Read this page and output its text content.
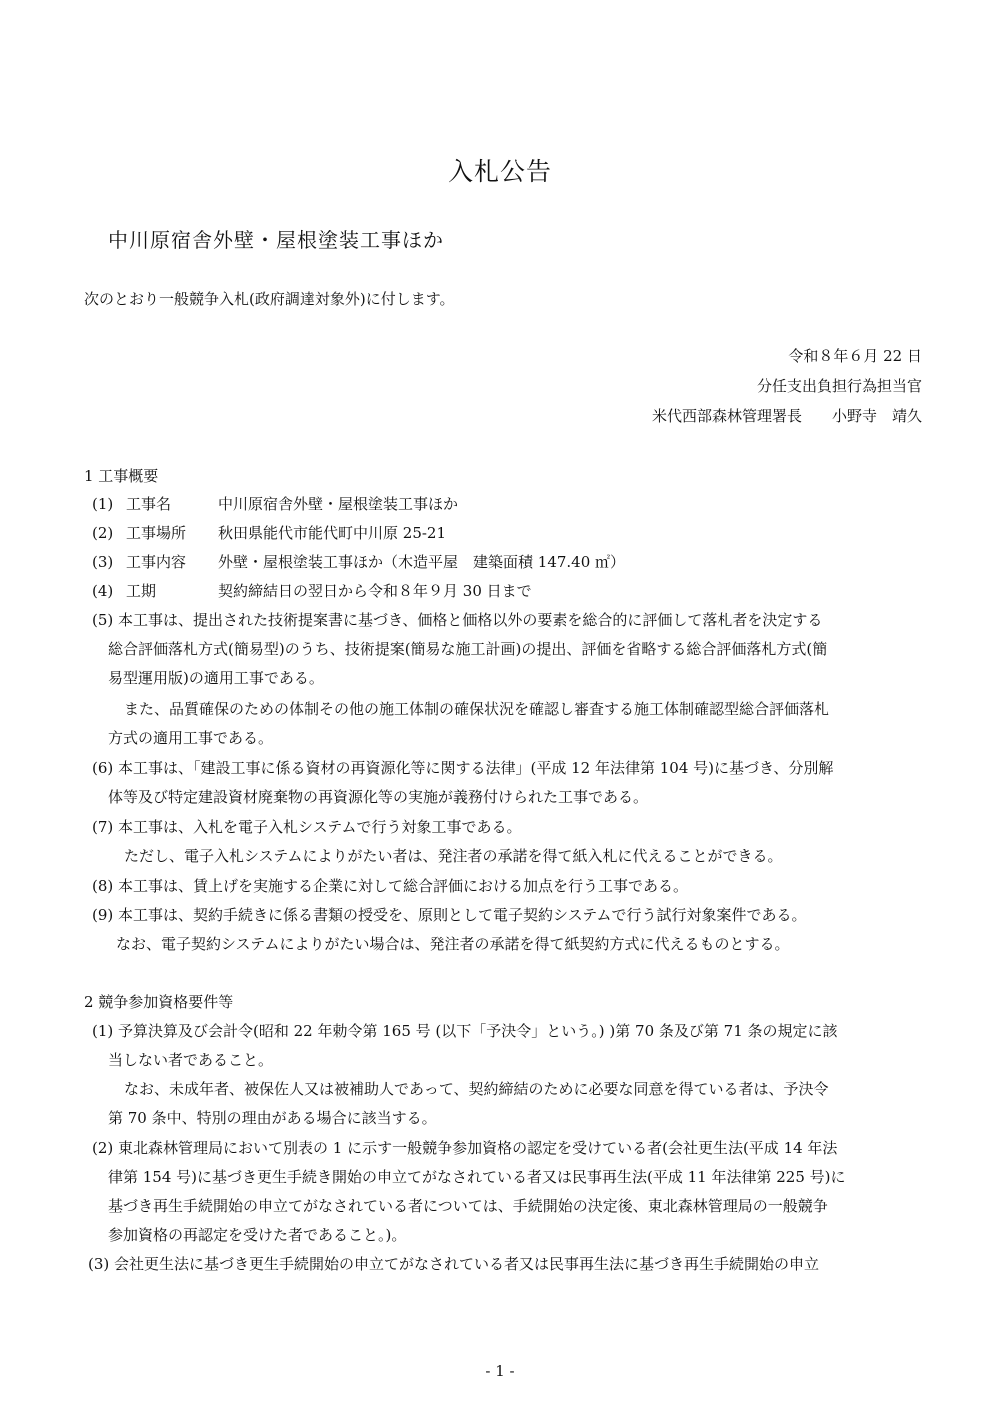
入札公告
中川原宿舎外壁・屋根塗装工事ほか
次のとおり一般競争入札(政府調達対象外)に付します。
令和８年６月 22 日
分任支出負担行為担当官
米代西部森林管理署長　　小野寺　靖久
1 工事概要
(1) 工事名	中川原宿舎外壁・屋根塗装工事ほか
(2) 工事場所 秋田県能代市能代町中川原 25-21
(3) 工事内容 外壁・屋根塗装工事ほか（木造平屋　建築面積 147.40 ㎡）
(4) 工期	契約締結日の翌日から令和８年９月 30 日まで
(5) 本工事は、提出された技術提案書に基づき、価格と価格以外の要素を総合的に評価して落札者を決定する
総合評価落札方式(簡易型)のうち、技術提案(簡易な施工計画)の提出、評価を省略する総合評価落札方式(簡
易型運用版)の適用工事である。
また、品質確保のための体制その他の施工体制の確保状況を確認し審査する施工体制確認型総合評価落札
方式の適用工事である。
(6) 本工事は、「建設工事に係る資材の再資源化等に関する法律」(平成 12 年法律第 104 号)に基づき、分別解
体等及び特定建設資材廃棄物の再資源化等の実施が義務付けられた工事である。
(7) 本工事は、入札を電子入札システムで行う対象工事である。
ただし、電子入札システムによりがたい者は、発注者の承諾を得て紙入札に代えることができる。
(8) 本工事は、賃上げを実施する企業に対して総合評価における加点を行う工事である。
(9) 本工事は、契約手続きに係る書類の授受を、原則として電子契約システムで行う試行対象案件である。
なお、電子契約システムによりがたい場合は、発注者の承諾を得て紙契約方式に代えるものとする。
2 競争参加資格要件等
(1) 予算決算及び会計令(昭和 22 年勅令第 165 号 (以下「予決令」という。) )第 70 条及び第 71 条の規定に該
当しない者であること。
なお、未成年者、被保佐人又は被補助人であって、契約締結のために必要な同意を得ている者は、予決令
第 70 条中、特別の理由がある場合に該当する。
(2) 東北森林管理局において別表の 1 に示す一般競争参加資格の認定を受けている者(会社更生法(平成 14 年法
律第 154 号)に基づき更生手続き開始の申立てがなされている者又は民事再生法(平成 11 年法律第 225 号)に
基づき再生手続開始の申立てがなされている者については、手続開始の決定後、東北森林管理局の一般競争
参加資格の再認定を受けた者であること。)。
(3) 会社更生法に基づき更生手続開始の申立てがなされている者又は民事再生法に基づき再生手続開始の申立
- 1 -
